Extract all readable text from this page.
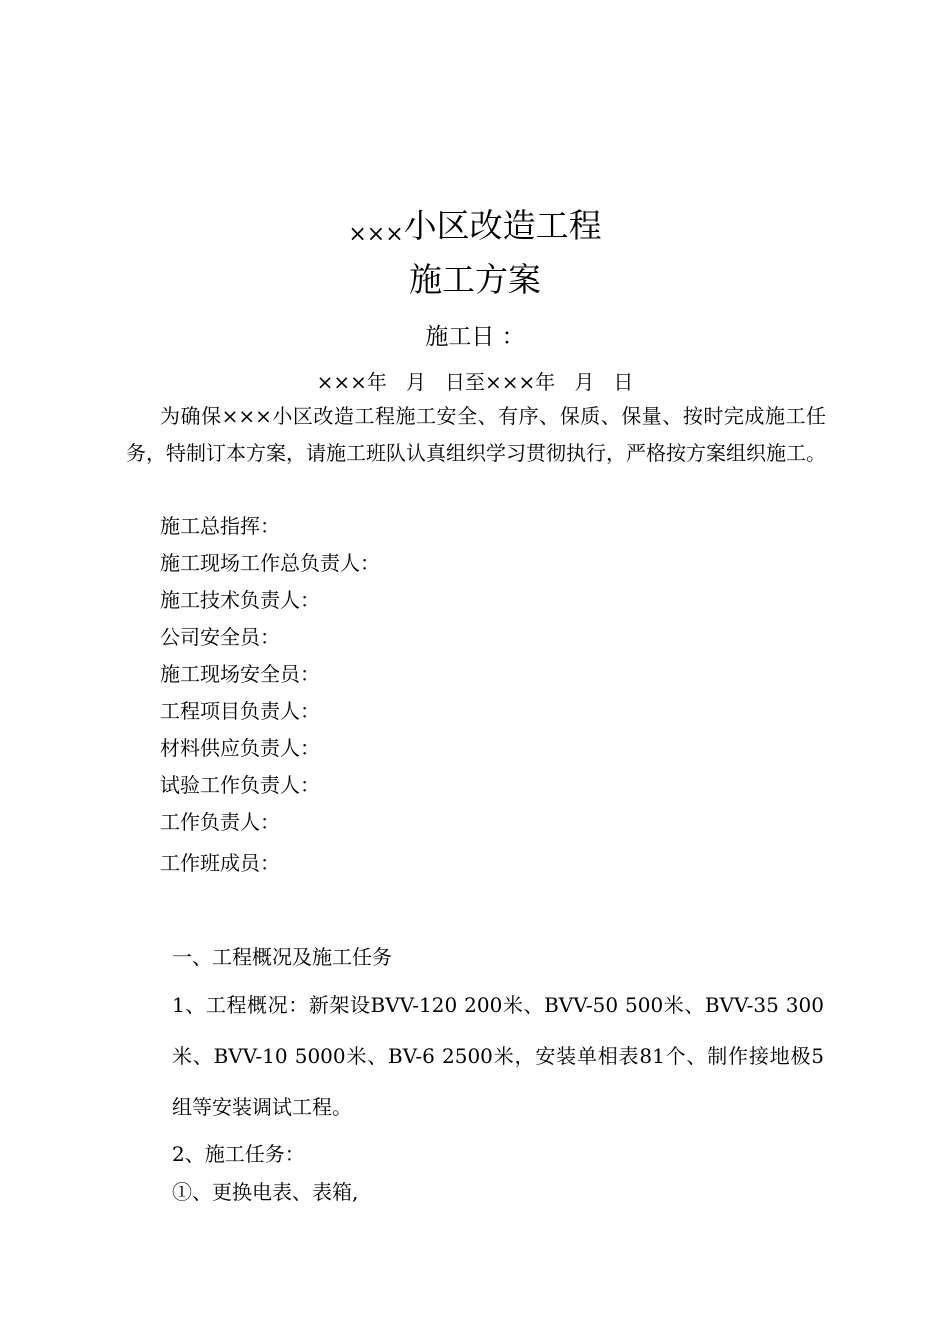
×××小区改造工程
施工方案
施工日 ：
×××年   月   日至×××年   月   日
为确保×××小区改造工程施工安全、有序、保质、保量、按时完成施工任务，特制订本方案，请施工班队认真组织学习贯彻执行，严格按方案组织施工。
施工总指挥：
施工现场工作总负责人：
施工技术负责人：
公司安全员：
施工现场安全员：
工程项目负责人：
材料供应负责人：
试验工作负责人：
工作负责人：
工作班成员：
一、工程概况及施工任务
1、工程概况：新架设BVV-120 200米、BVV-50 500米、BVV-35 300米、BVV-10 5000米、BV-6 2500米，安装单相表81个、制作接地极5组等安装调试工程。
2、施工任务：
①、更换电表、表箱,
